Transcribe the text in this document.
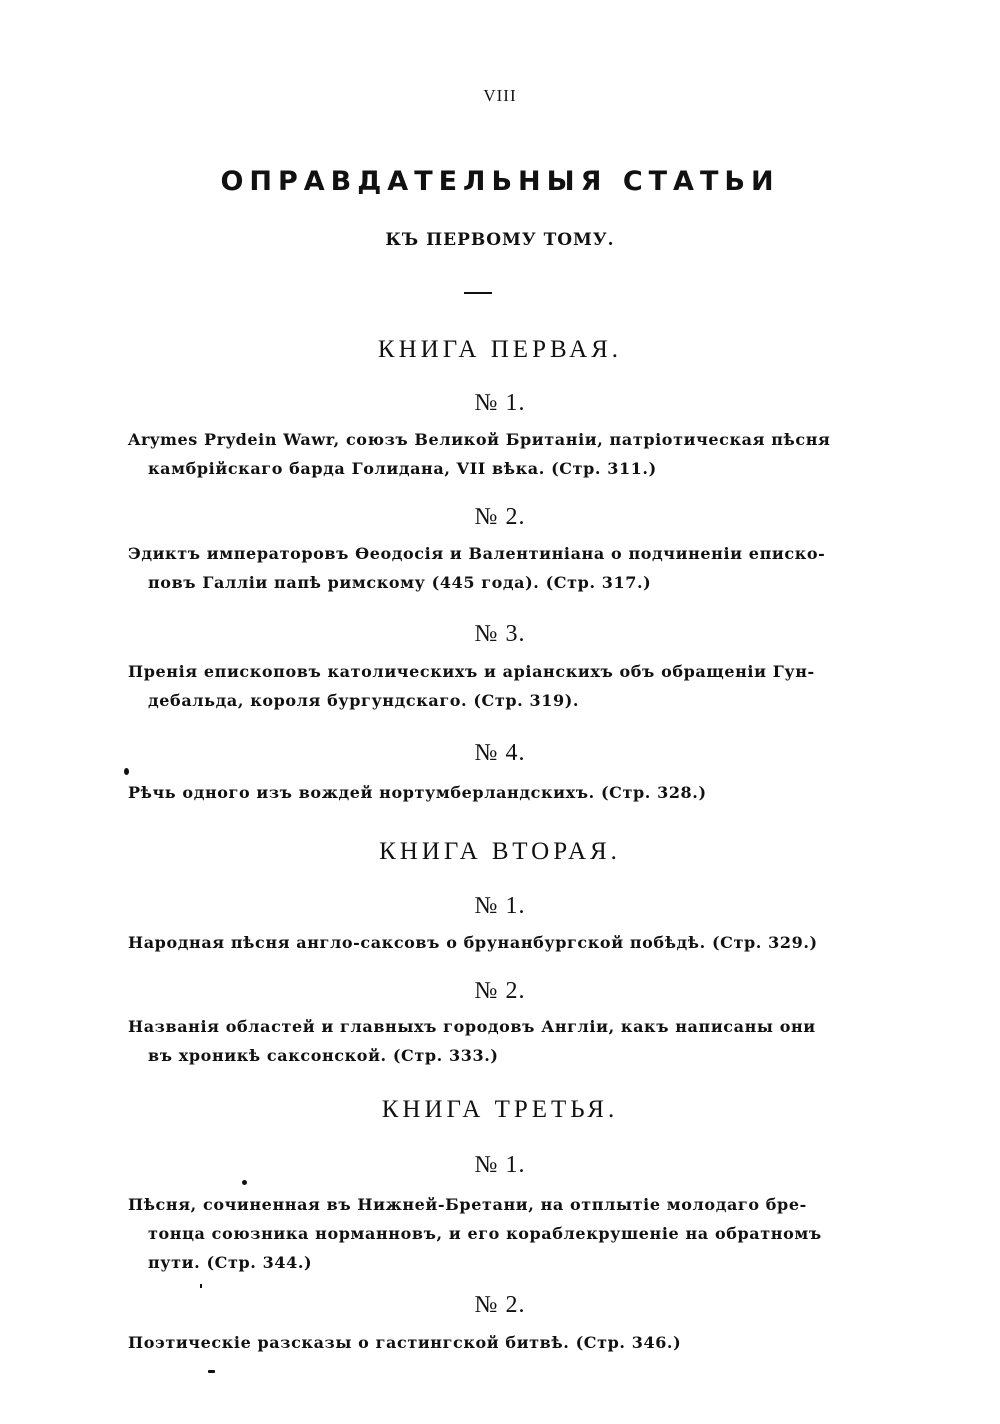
VIII
ОПРАВДАТЕЛЬНЫЯ СТАТЬИ
КЪ ПЕРВОМУ ТОМУ.
КНИГА ПЕРВАЯ.
№ 1.
Arymes Prydein Wawr, союзъ Великой Британіи, патріотическая пѣсня
камбрійскаго барда Голидана, VII вѣка. (Стр. 311.)
№ 2.
Эдиктъ императоровъ Ѳеодосія и Валентиніана о подчиненіи еписко-
повъ Галліи папѣ римскому (445 года). (Стр. 317.)
№ 3.
Пренія епископовъ католическихъ и аріанскихъ объ обращеніи Гун-
дебальда, короля бургундскаго. (Стр. 319).
№ 4.
Рѣчь одного изъ вождей нортумберландскихъ. (Стр. 328.)
КНИГА ВТОРАЯ.
№ 1.
Народная пѣсня англо-саксовъ о брунанбургской побѣдѣ. (Стр. 329.)
№ 2.
Названія областей и главныхъ городовъ Англіи, какъ написаны они
въ хроникѣ саксонской. (Стр. 333.)
КНИГА ТРЕТЬЯ.
№ 1.
Пѣсня, сочиненная въ Нижней-Бретани, на отплытіе молодаго бре-
тонца союзника норманновъ, и его кораблекрушеніе на обратномъ
пути. (Стр. 344.)
№ 2.
Поэтическіе разсказы о гастингской битвѣ. (Стр. 346.)
